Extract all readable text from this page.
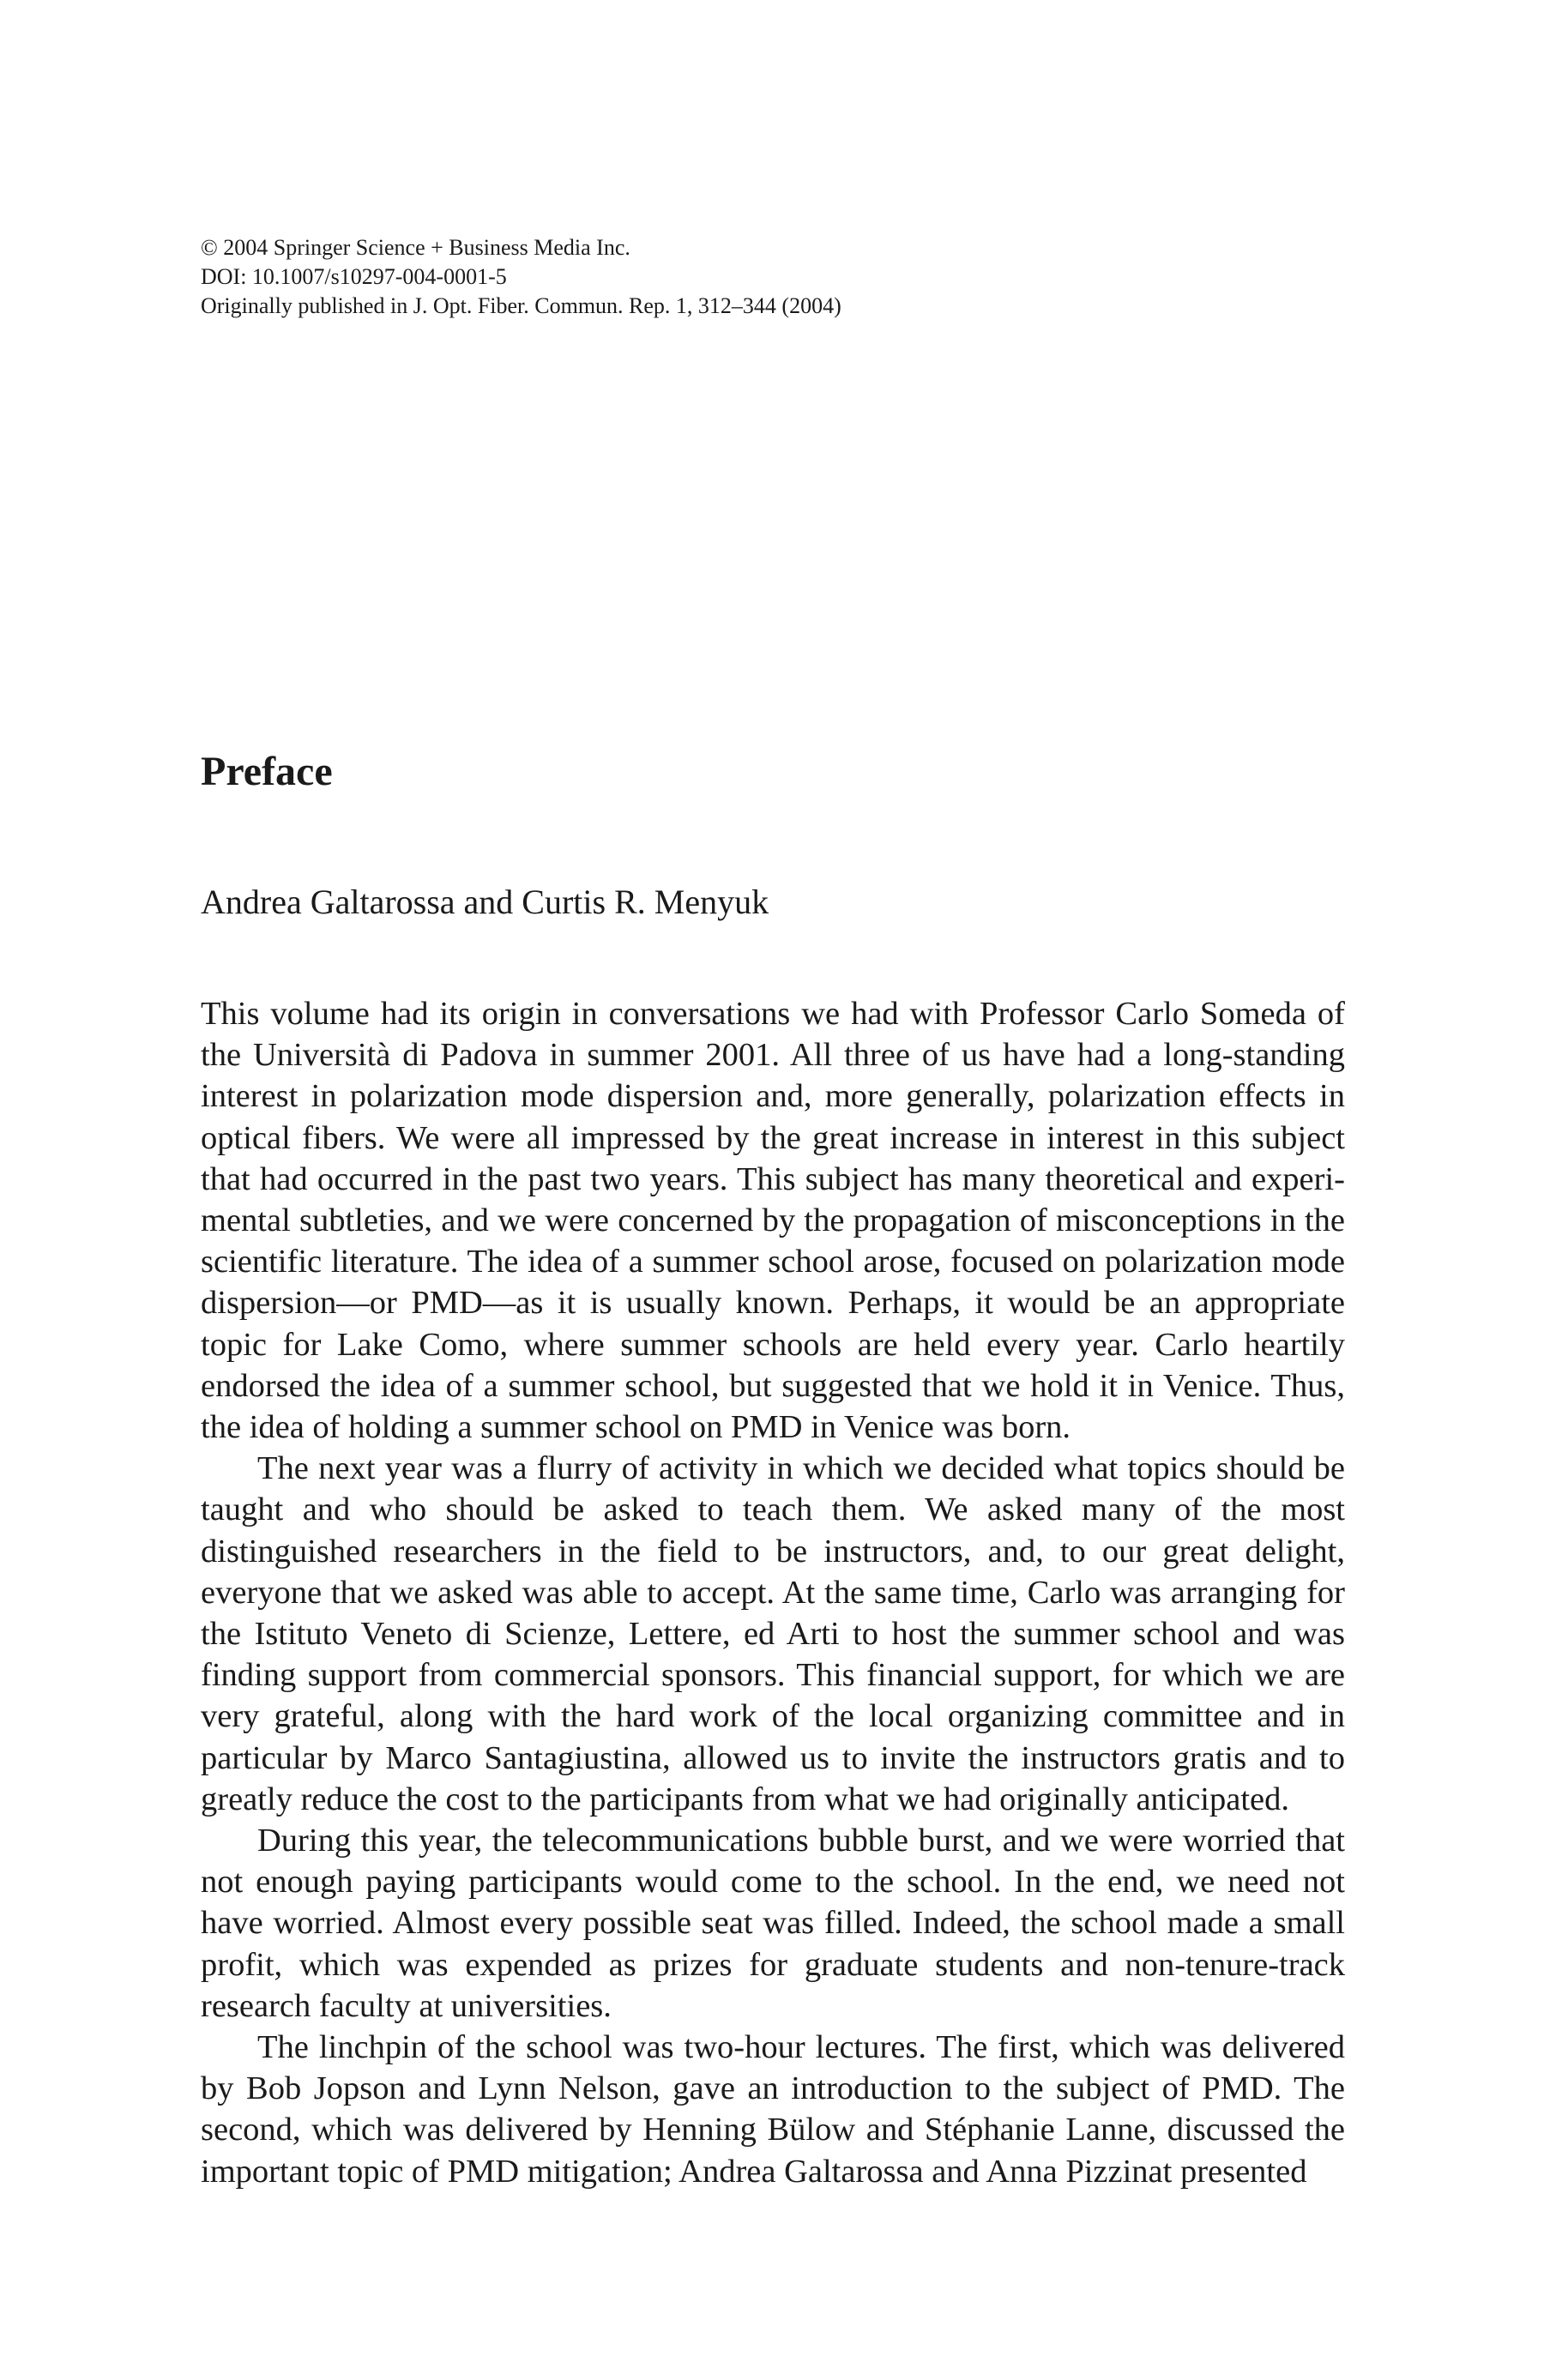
© 2004 Springer Science + Business Media Inc.
DOI: 10.1007/s10297-004-0001-5
Originally published in J. Opt. Fiber. Commun. Rep. 1, 312–344 (2004)
Preface

Andrea Galtarossa and Curtis R. Menyuk

This volume had its origin in conversations we had with Professor Carlo Someda of the Università di Padova in summer 2001. All three of us have had a long-standing interest in polarization mode dispersion and, more generally, polarization effects in optical fibers. We were all impressed by the great increase in interest in this subject that had occurred in the past two years. This subject has many theoretical and experimental subtleties, and we were concerned by the propagation of misconceptions in the scientific literature. The idea of a summer school arose, focused on polarization mode dispersion—or PMD—as it is usually known. Perhaps, it would be an appropriate topic for Lake Como, where summer schools are held every year. Carlo heartily endorsed the idea of a summer school, but suggested that we hold it in Venice. Thus, the idea of holding a summer school on PMD in Venice was born.

The next year was a flurry of activity in which we decided what topics should be taught and who should be asked to teach them. We asked many of the most distinguished researchers in the field to be instructors, and, to our great delight, everyone that we asked was able to accept. At the same time, Carlo was arranging for the Istituto Veneto di Scienze, Lettere, ed Arti to host the summer school and was finding support from commercial sponsors. This financial support, for which we are very grateful, along with the hard work of the local organizing committee and in particular by Marco Santagiustina, allowed us to invite the instructors gratis and to greatly reduce the cost to the participants from what we had originally anticipated.

During this year, the telecommunications bubble burst, and we were worried that not enough paying participants would come to the school. In the end, we need not have worried. Almost every possible seat was filled. Indeed, the school made a small profit, which was expended as prizes for graduate students and non-tenure-track research faculty at universities.

The linchpin of the school was two-hour lectures. The first, which was delivered by Bob Jopson and Lynn Nelson, gave an introduction to the subject of PMD. The second, which was delivered by Henning Bülow and Stéphanie Lanne, discussed the important topic of PMD mitigation; Andrea Galtarossa and Anna Pizzinat presented
